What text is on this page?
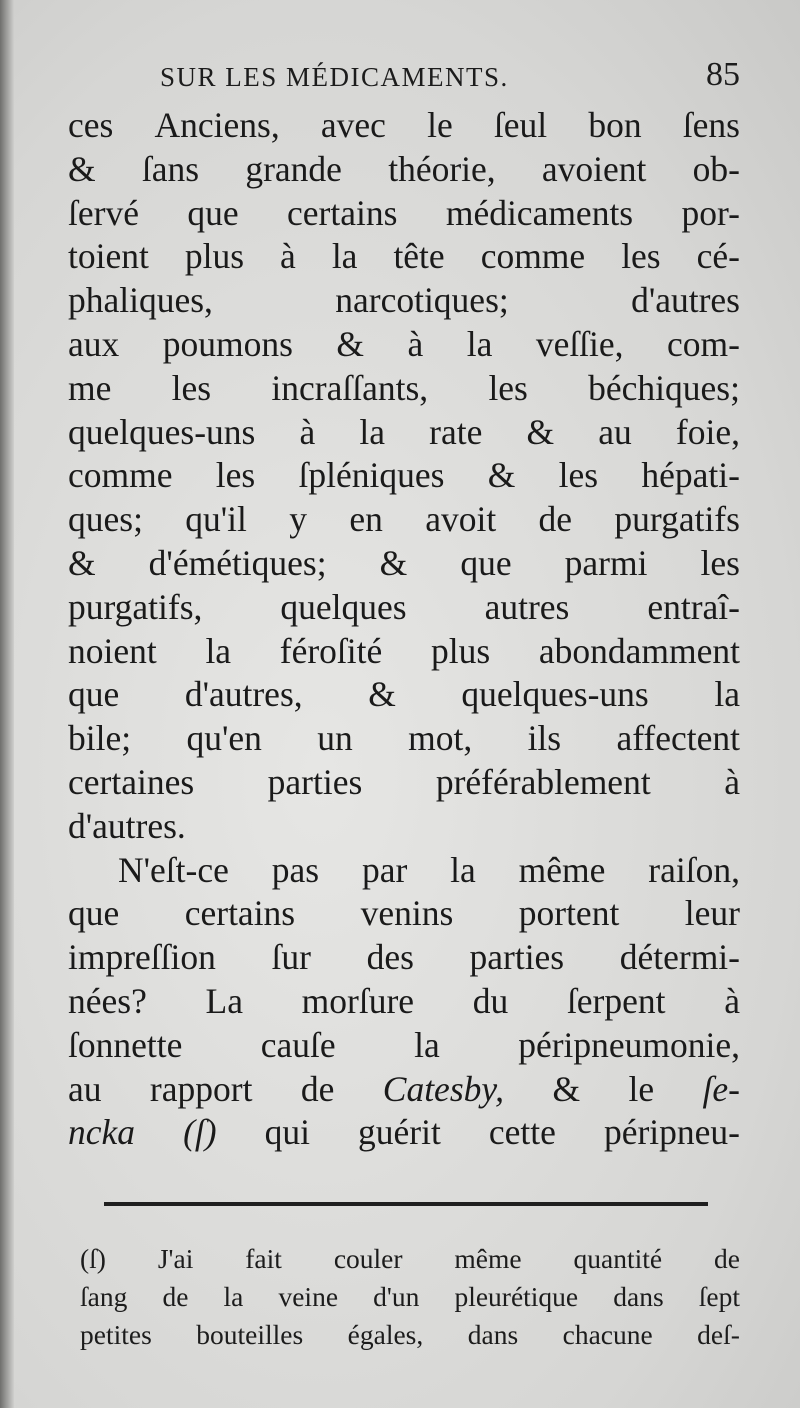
SUR LES MÉDICAMENTS.	85
ces Anciens, avec le ſeul bon ſens
& ſans grande théorie, avoient ob-
ſervé que certains médicaments por-
toient plus à la tête comme les cé-
phaliques,	narcotiques;	d'autres
aux poumons & à la veſſie, com-
me les incraſſants, les béchiques;
quelques-uns à la rate & au foie,
comme les ſpléniques & les hépati-
ques; qu'il y en avoit de purgatifs
& d'émétiques; & que parmi les
purgatifs, quelques autres entraî-
noient la féroſité plus abondamment
que d'autres, & quelques-uns la
bile; qu'en un mot, ils affectent
certaines parties préférablement à
d'autres.
N'eſt-ce pas par la même raiſon,
que certains venins portent leur
impreſſion ſur des parties détermi-
nées? La morſure du ſerpent à
ſonnette cauſe la péripneumonie,
au rapport de Catesby, & le ſe-
ncka (ſ) qui guérit cette péripneu-
(ſ) J'ai fait couler même quantité de
ſang de la veine d'un pleurétique dans ſept
petites bouteilles égales, dans chacune deſ-
